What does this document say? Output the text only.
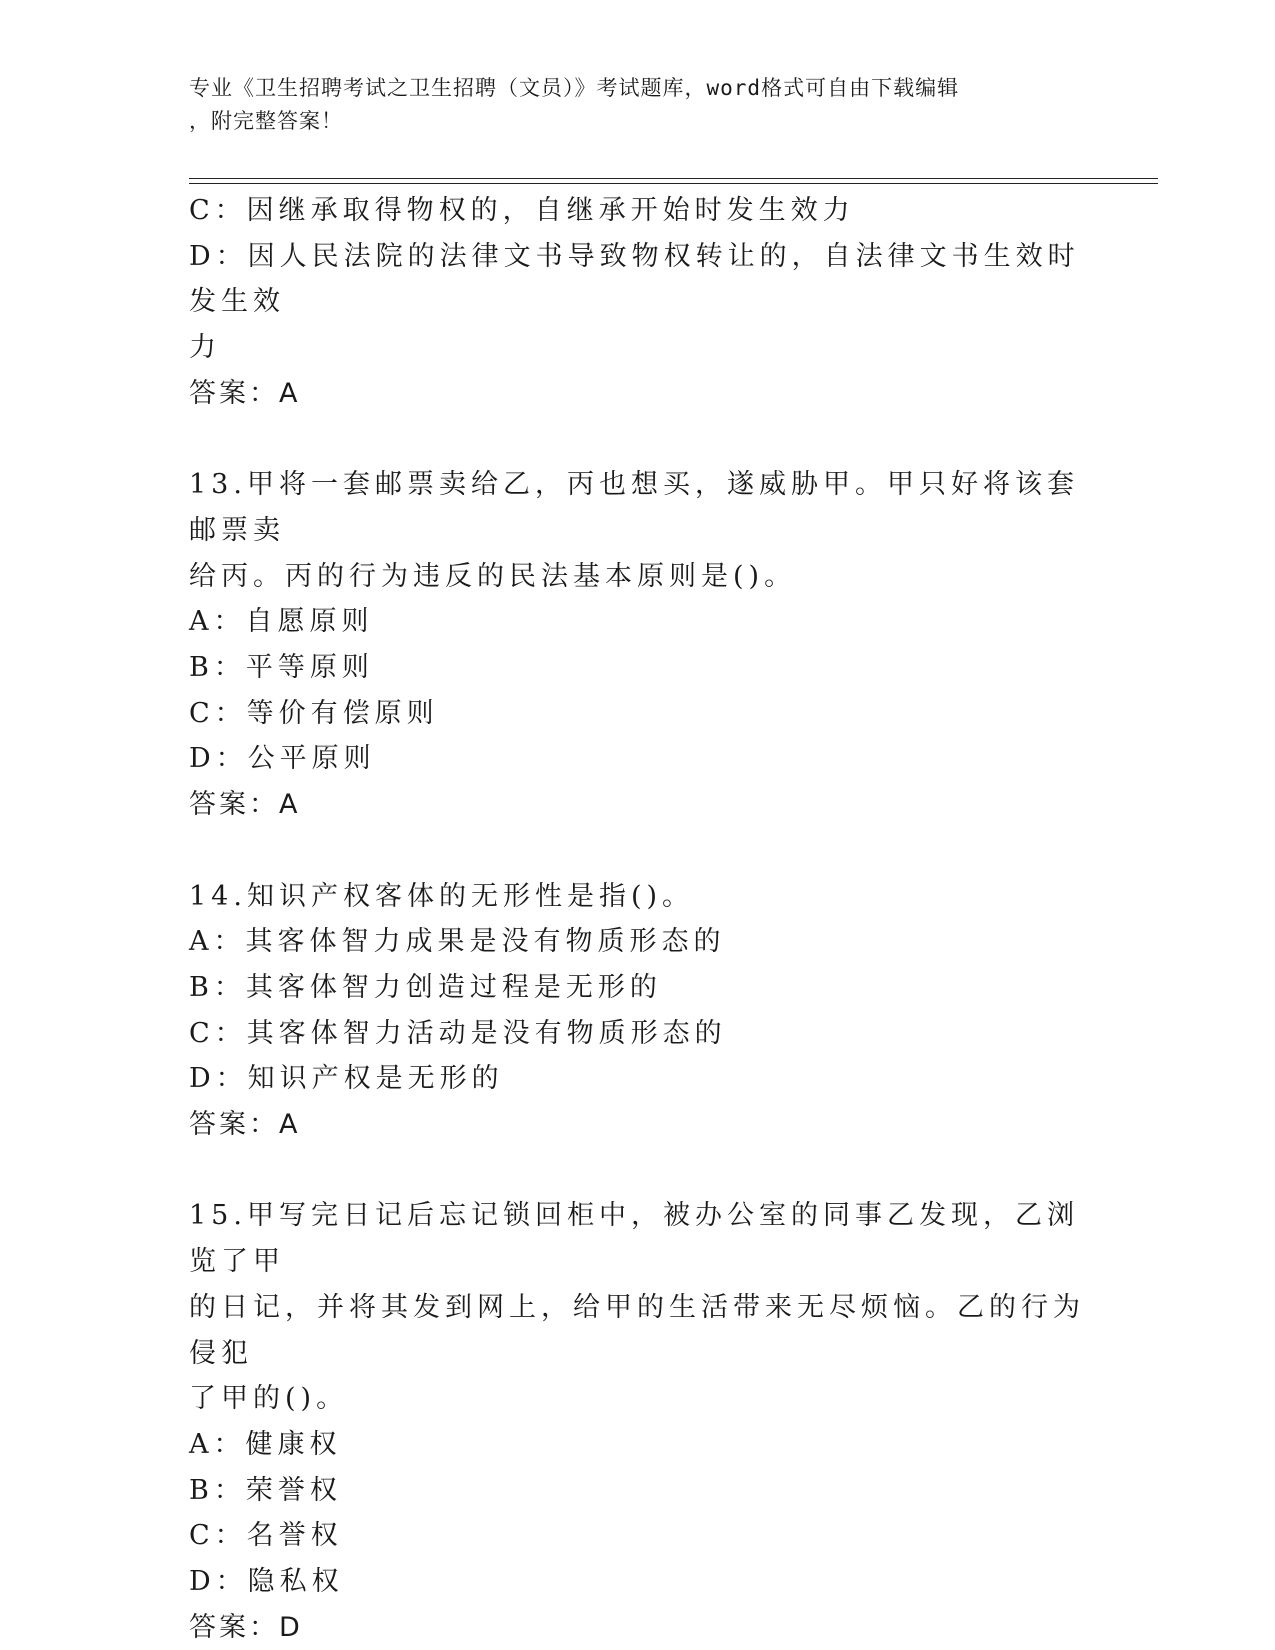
专业《卫生招聘考试之卫生招聘（文员）》考试题库，word格式可自由下载编辑
，附完整答案！
C：因继承取得物权的，自继承开始时发生效力
D：因人民法院的法律文书导致物权转让的，自法律文书生效时发生效
力
答案：A
13.甲将一套邮票卖给乙，丙也想买，遂威胁甲。甲只好将该套邮票卖
给丙。丙的行为违反的民法基本原则是()。
A：自愿原则
B：平等原则
C：等价有偿原则
D：公平原则
答案：A
14.知识产权客体的无形性是指()。
A：其客体智力成果是没有物质形态的
B：其客体智力创造过程是无形的
C：其客体智力活动是没有物质形态的
D：知识产权是无形的
答案：A
15.甲写完日记后忘记锁回柜中，被办公室的同事乙发现，乙浏览了甲
的日记，并将其发到网上，给甲的生活带来无尽烦恼。乙的行为侵犯
了甲的()。
A：健康权
B：荣誉权
C：名誉权
D：隐私权
答案：D
